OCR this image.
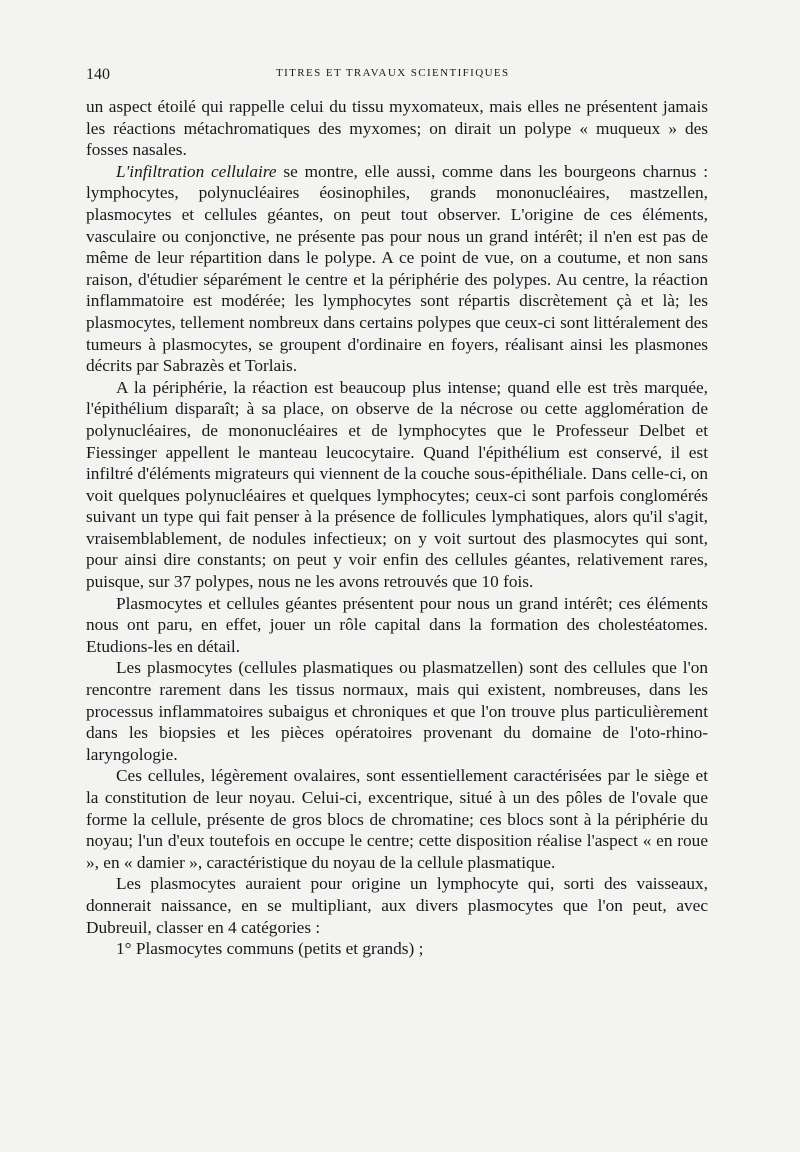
140	TITRES ET TRAVAUX SCIENTIFIQUES

un aspect étoilé qui rappelle celui du tissu myxomateux, mais elles ne présentent jamais les réactions métachromatiques des myxomes; on dirait un polype « muqueux » des fosses nasales.

L'infiltration cellulaire se montre, elle aussi, comme dans les bourgeons charnus : lymphocytes, polynucléaires éosinophiles, grands mononucléaires, mastzellen, plasmocytes et cellules géantes, on peut tout observer. L'origine de ces éléments, vasculaire ou conjonctive, ne présente pas pour nous un grand intérêt; il n'en est pas de même de leur répartition dans le polype. A ce point de vue, on a coutume, et non sans raison, d'étudier séparément le centre et la périphérie des polypes. Au centre, la réaction inflammatoire est modérée; les lymphocytes sont répartis discrètement çà et là; les plasmocytes, tellement nombreux dans certains polypes que ceux-ci sont littéralement des tumeurs à plasmocytes, se groupent d'ordinaire en foyers, réalisant ainsi les plasmones décrits par Sabrazès et Torlais.

A la périphérie, la réaction est beaucoup plus intense; quand elle est très marquée, l'épithélium disparaît; à sa place, on observe de la nécrose ou cette agglomération de polynucléaires, de mononucléaires et de lymphocytes que le Professeur Delbet et Fiessinger appellent le manteau leucocytaire. Quand l'épithélium est conservé, il est infiltré d'éléments migrateurs qui viennent de la couche sous-épithéliale. Dans celle-ci, on voit quelques polynucléaires et quelques lymphocytes; ceux-ci sont parfois conglomérés suivant un type qui fait penser à la présence de follicules lymphatiques, alors qu'il s'agit, vraisemblablement, de nodules infectieux; on y voit surtout des plasmocytes qui sont, pour ainsi dire constants; on peut y voir enfin des cellules géantes, relativement rares, puisque, sur 37 polypes, nous ne les avons retrouvés que 10 fois.

Plasmocytes et cellules géantes présentent pour nous un grand intérêt; ces éléments nous ont paru, en effet, jouer un rôle capital dans la formation des cholestéatomes. Etudions-les en détail.

Les plasmocytes (cellules plasmatiques ou plasmatzellen) sont des cellules que l'on rencontre rarement dans les tissus normaux, mais qui existent, nombreuses, dans les processus inflammatoires subaigus et chroniques et que l'on trouve plus particulièrement dans les biopsies et les pièces opératoires provenant du domaine de l'oto-rhino-laryngologie.

Ces cellules, légèrement ovalaires, sont essentiellement caractérisées par le siège et la constitution de leur noyau. Celui-ci, excentrique, situé à un des pôles de l'ovale que forme la cellule, présente de gros blocs de chromatine; ces blocs sont à la périphérie du noyau; l'un d'eux toutefois en occupe le centre; cette disposition réalise l'aspect « en roue », en « damier », caractéristique du noyau de la cellule plasmatique.

Les plasmocytes auraient pour origine un lymphocyte qui, sorti des vaisseaux, donnerait naissance, en se multipliant, aux divers plasmocytes que l'on peut, avec Dubreuil, classer en 4 catégories :

1° Plasmocytes communs (petits et grands) ;
